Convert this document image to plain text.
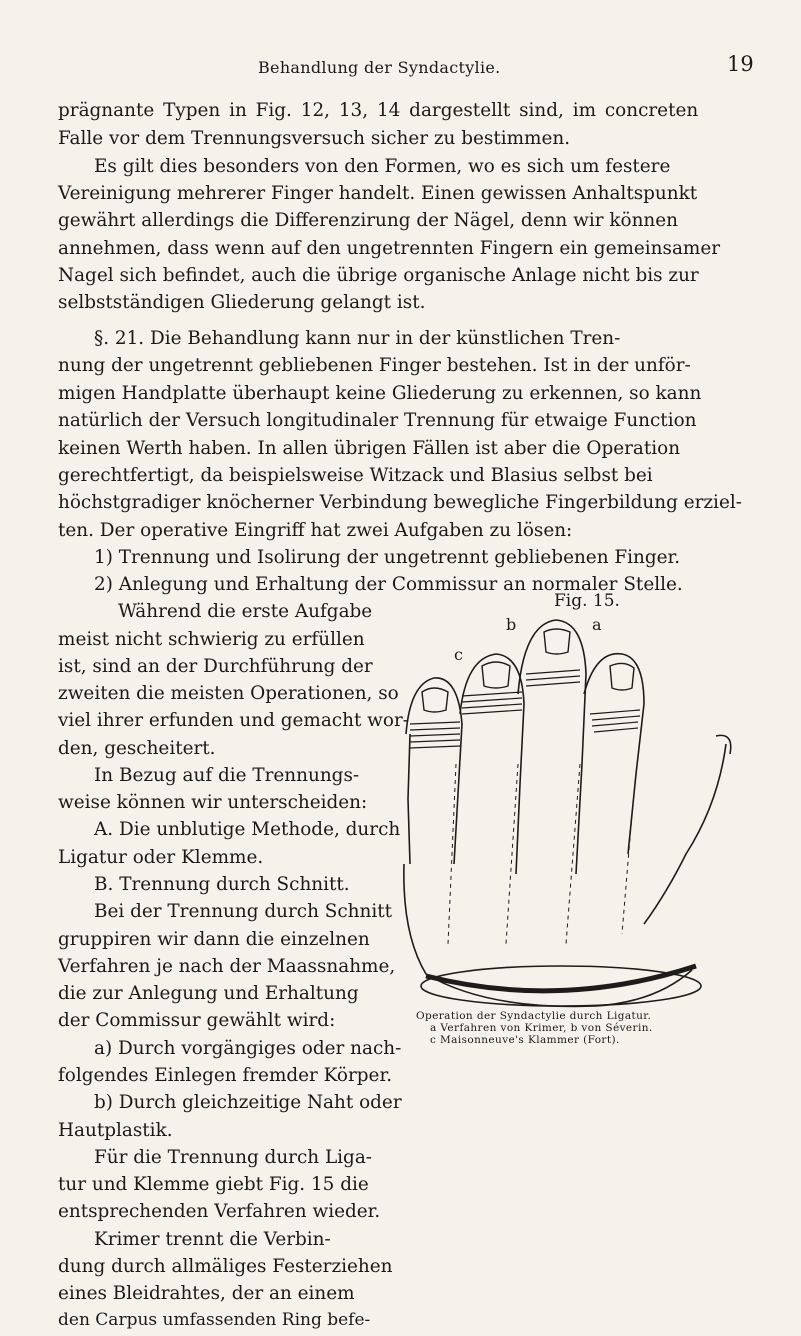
Behandlung der Syndactylie.	19
prägnante Typen in Fig. 12, 13, 14 dargestellt sind, im concreten
Falle vor dem Trennungsversuch sicher zu bestimmen.
Es gilt dies besonders von den Formen, wo es sich um festere
Vereinigung mehrerer Finger handelt. Einen gewissen Anhaltspunkt
gewährt allerdings die Differenzirung der Nägel, denn wir können
annehmen, dass wenn auf den ungetrennten Fingern ein gemeinsamer
Nagel sich befindet, auch die übrige organische Anlage nicht bis zur
selbstständigen Gliederung gelangt ist.
§. 21. Die Behandlung kann nur in der künstlichen Tren-
nung der ungetrennt gebliebenen Finger bestehen. Ist in der unför-
migen Handplatte überhaupt keine Gliederung zu erkennen, so kann
natürlich der Versuch longitudinaler Trennung für etwaige Function
keinen Werth haben. In allen übrigen Fällen ist aber die Operation
gerechtfertigt, da beispielsweise Witzack und Blasius selbst bei
höchstgradiger knöcherner Verbindung bewegliche Fingerbildung erziel-
ten. Der operative Eingriff hat zwei Aufgaben zu lösen:
1) Trennung und Isolirung der ungetrennt gebliebenen Finger.
2) Anlegung und Erhaltung der Commissur an normaler Stelle.
Während die erste Aufgabe
meist nicht schwierig zu erfüllen
ist, sind an der Durchführung der
zweiten die meisten Operationen, so
viel ihrer erfunden und gemacht wor-
den, gescheitert.
In Bezug auf die Trennungs-
weise können wir unterscheiden:
A. Die unblutige Methode, durch
Ligatur oder Klemme.
B. Trennung durch Schnitt.
Bei der Trennung durch Schnitt
gruppiren wir dann die einzelnen
Verfahren je nach der Maassnahme,
die zur Anlegung und Erhaltung
der Commissur gewählt wird:
a) Durch vorgängiges oder nach-
folgendes Einlegen fremder Körper.
b) Durch gleichzeitige Naht oder
Hautplastik.
Für die Trennung durch Liga-
tur und Klemme giebt Fig. 15 die
entsprechenden Verfahren wieder.
Krimer trennt die Verbin-
dung durch allmäliges Festerziehen
eines Bleidrahtes, der an einem
den Carpus umfassenden Ring befe-
Fig. 15.
c
b	a
Operation der Syndactylie durch Ligatur.
a Verfahren von Krimer, b von Séverin.
c Maisonneuve's Klammer (Fort).
